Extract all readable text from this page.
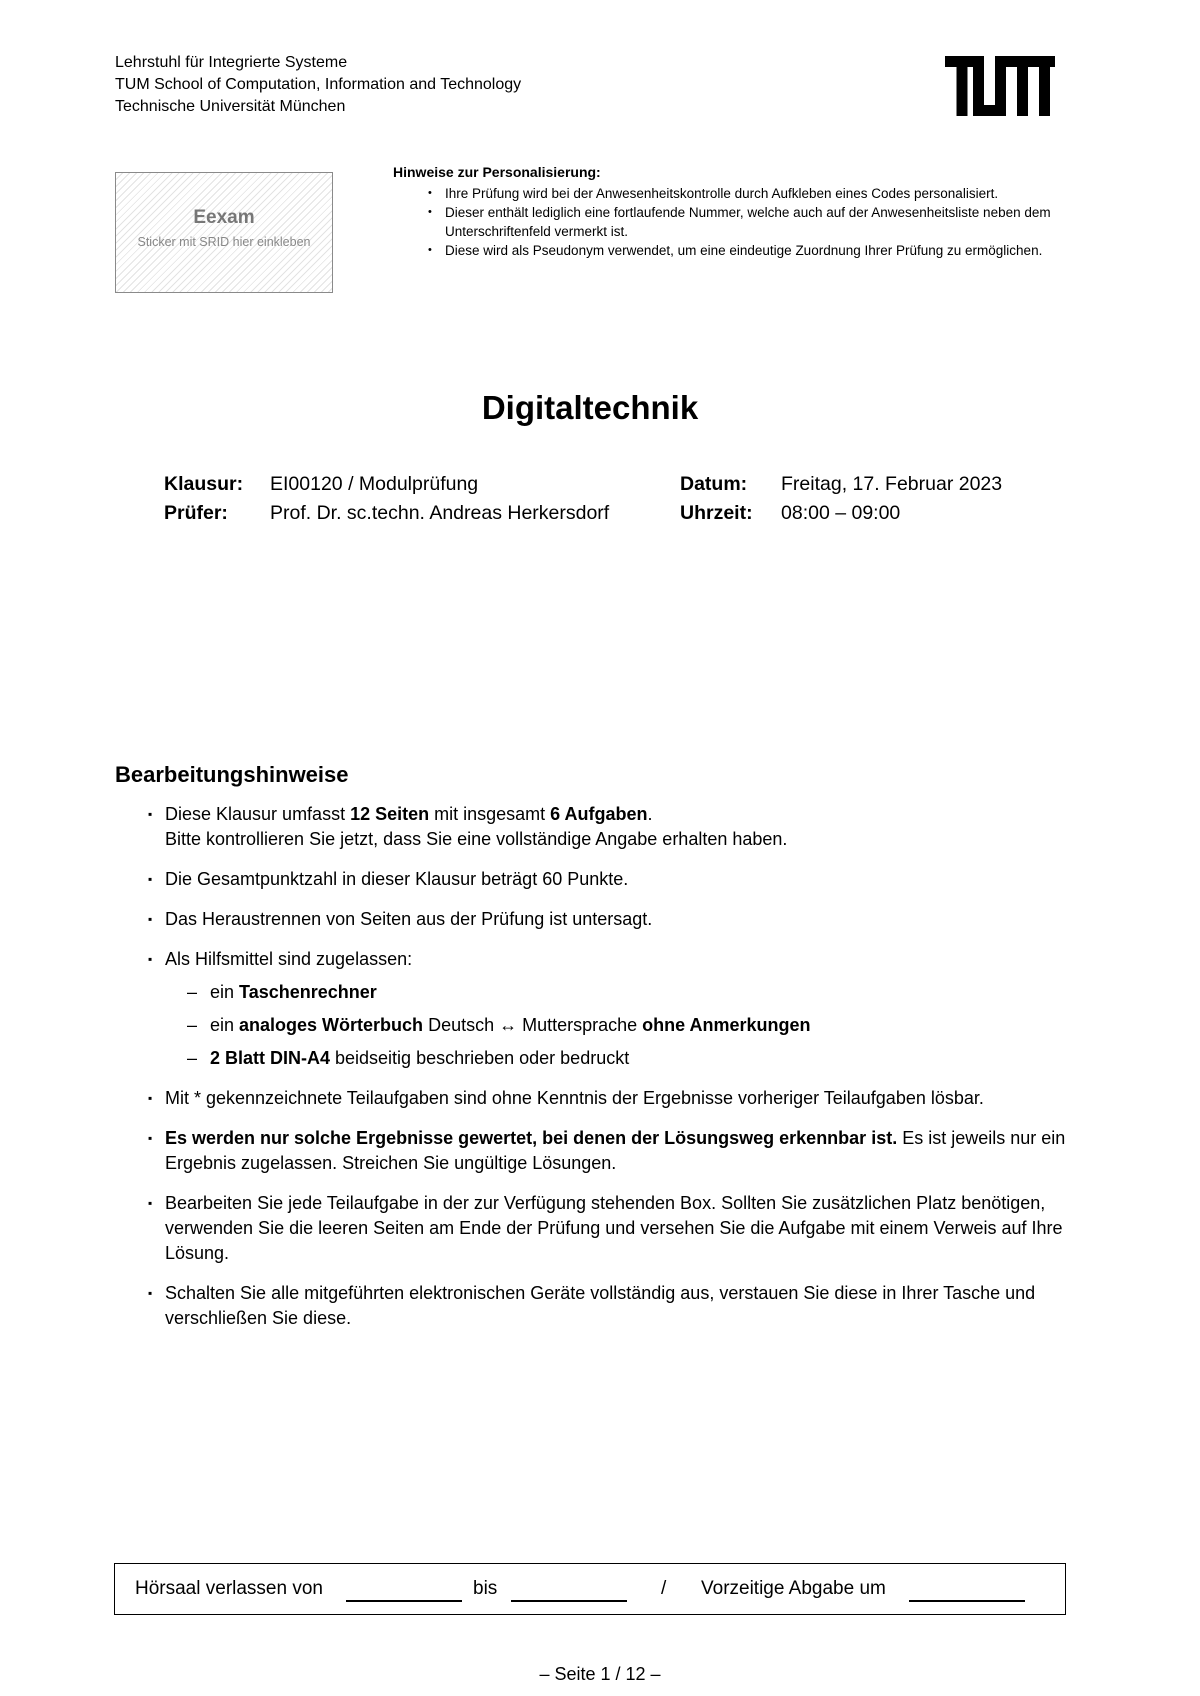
Lehrstuhl für Integrierte Systeme
TUM School of Computation, Information and Technology
Technische Universität München
Eexam
Sticker mit SRID hier einkleben
Hinweise zur Personalisierung:
• Ihre Prüfung wird bei der Anwesenheitskontrolle durch Aufkleben eines Codes personalisiert.
• Dieser enthält lediglich eine fortlaufende Nummer, welche auch auf der Anwesenheitsliste neben dem Unterschriftenfeld vermerkt ist.
• Diese wird als Pseudonym verwendet, um eine eindeutige Zuordnung Ihrer Prüfung zu ermöglichen.
Digitaltechnik
Klausur:
Prüfer:
EI00120 / Modulprüfung
Prof. Dr. sc.techn. Andreas Herkersdorf
Datum:
Uhrzeit:
Freitag, 17. Februar 2023
08:00 – 09:00
Bearbeitungshinweise
▪ Diese Klausur umfasst 12 Seiten mit insgesamt 6 Aufgaben.
Bitte kontrollieren Sie jetzt, dass Sie eine vollständige Angabe erhalten haben.
▪ Die Gesamtpunktzahl in dieser Klausur beträgt 60 Punkte.
▪ Das Heraustrennen von Seiten aus der Prüfung ist untersagt.
▪ Als Hilfsmittel sind zugelassen:
– ein Taschenrechner
– ein analoges Wörterbuch Deutsch ↔ Muttersprache ohne Anmerkungen
– 2 Blatt DIN-A4 beidseitig beschrieben oder bedruckt
▪ Mit * gekennzeichnete Teilaufgaben sind ohne Kenntnis der Ergebnisse vorheriger Teilaufgaben lösbar.
▪ Es werden nur solche Ergebnisse gewertet, bei denen der Lösungsweg erkennbar ist. Es ist jeweils nur ein Ergebnis zugelassen. Streichen Sie ungültige Lösungen.
▪ Bearbeiten Sie jede Teilaufgabe in der zur Verfügung stehenden Box. Sollten Sie zusätzlichen Platz benötigen, verwenden Sie die leeren Seiten am Ende der Prüfung und versehen Sie die Aufgabe mit einem Verweis auf Ihre Lösung.
▪ Schalten Sie alle mitgeführten elektronischen Geräte vollständig aus, verstauen Sie diese in Ihrer Tasche und verschließen Sie diese.
Hörsaal verlassen von	bis	/ Vorzeitige Abgabe um
– Seite 1 / 12 –
